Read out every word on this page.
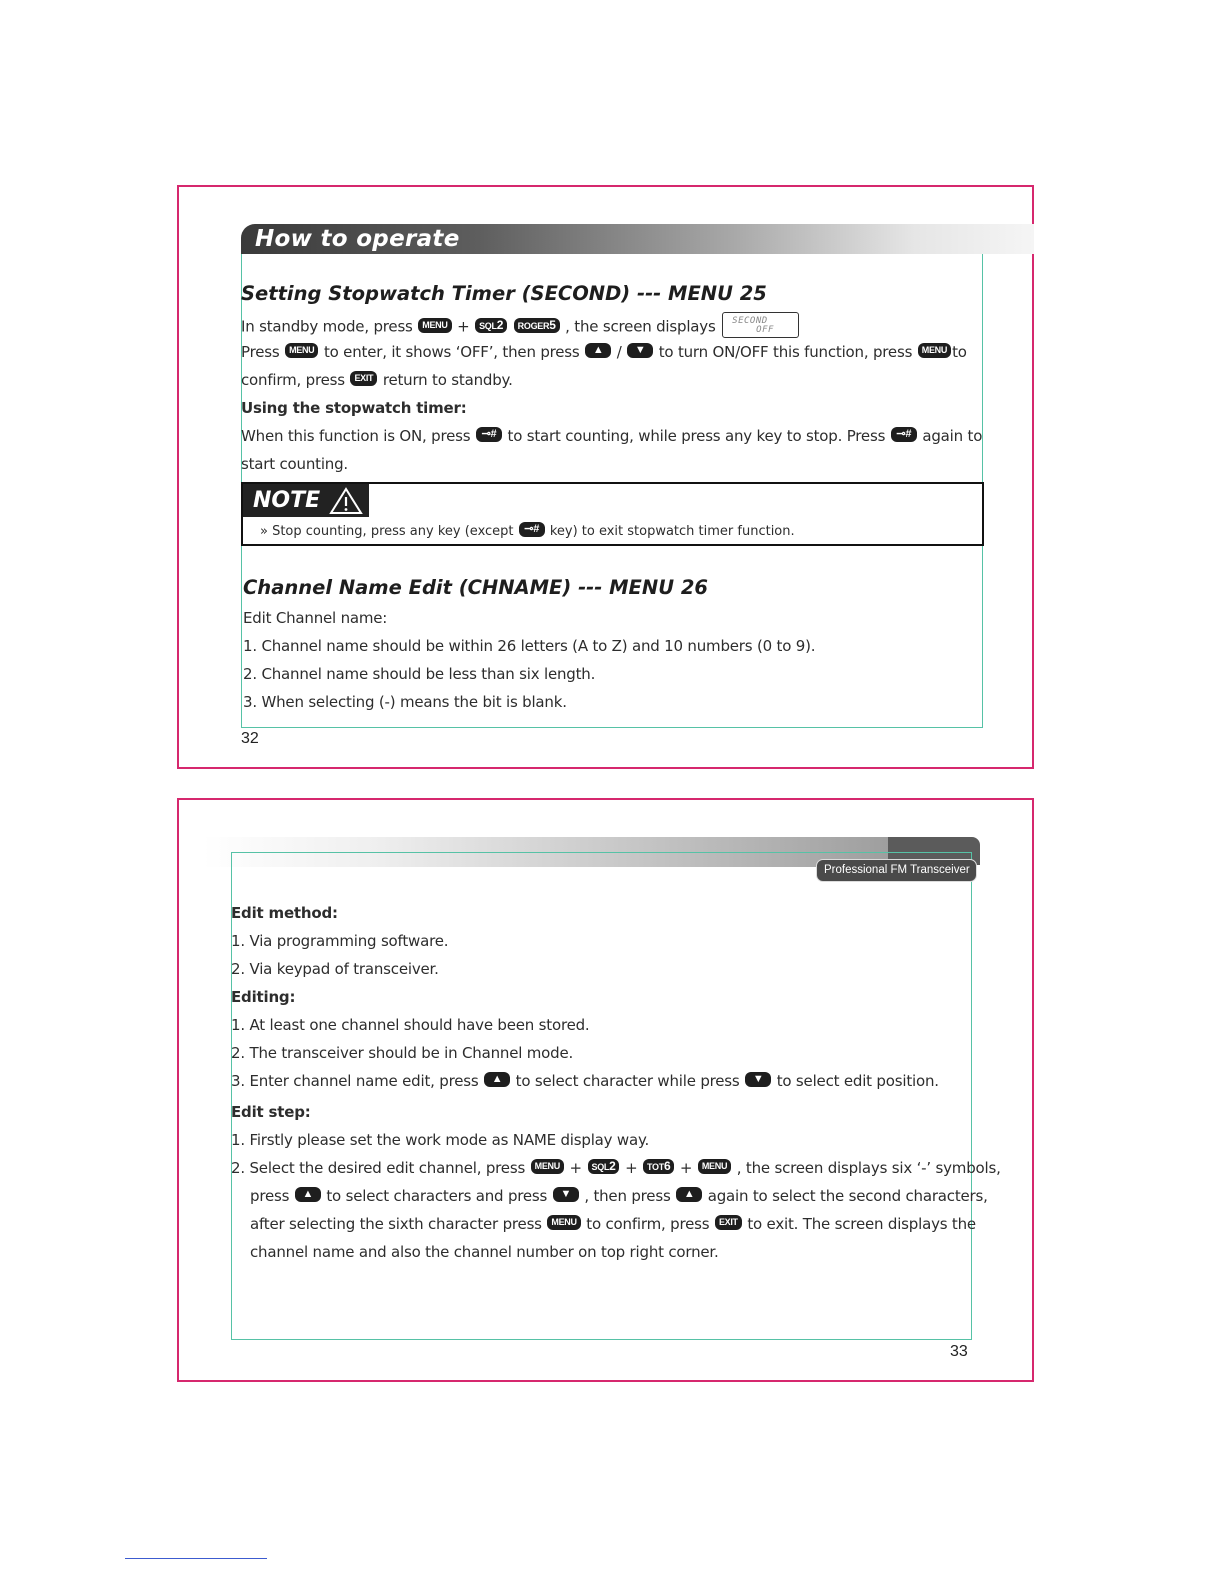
How to operate
Setting Stopwatch Timer (SECOND) --- MENU 25
In standby mode, press MENU + SQL2 ROGER5 , the screen displays SECOND
OFF
Press MENU to enter, it shows ‘OFF’, then press ▲ / ▼ to turn ON/OFF this function, press MENU to
confirm, press EXIT return to standby.
Using the stopwatch timer:
When this function is ON, press ⊸# to start counting, while press any key to stop. Press ⊸# again to
start counting.
NOTE
» Stop counting, press any key (except ⊸# key) to exit stopwatch timer function.
Channel Name Edit (CHNAME) --- MENU 26
Edit Channel name:
1. Channel name should be within 26 letters (A to Z) and 10 numbers (0 to 9).
2. Channel name should be less than six length.
3. When selecting (-) means the bit is blank.
32
Professional FM Transceiver
Edit method:
1. Via programming software.
2. Via keypad of transceiver.
Editing:
1. At least one channel should have been stored.
2. The transceiver should be in Channel mode.
3. Enter channel name edit, press ▲ to select character while press ▼ to select edit position.
Edit step:
1. Firstly please set the work mode as NAME display way.
2. Select the desired edit channel, press MENU + SQL2 + TOT6 + MENU , the screen displays six ‘-’ symbols,
press ▲ to select characters and press ▼ , then press ▲ again to select the second characters,
after selecting the sixth character press MENU to confirm, press EXIT to exit. The screen displays the
channel name and also the channel number on top right corner.
33
